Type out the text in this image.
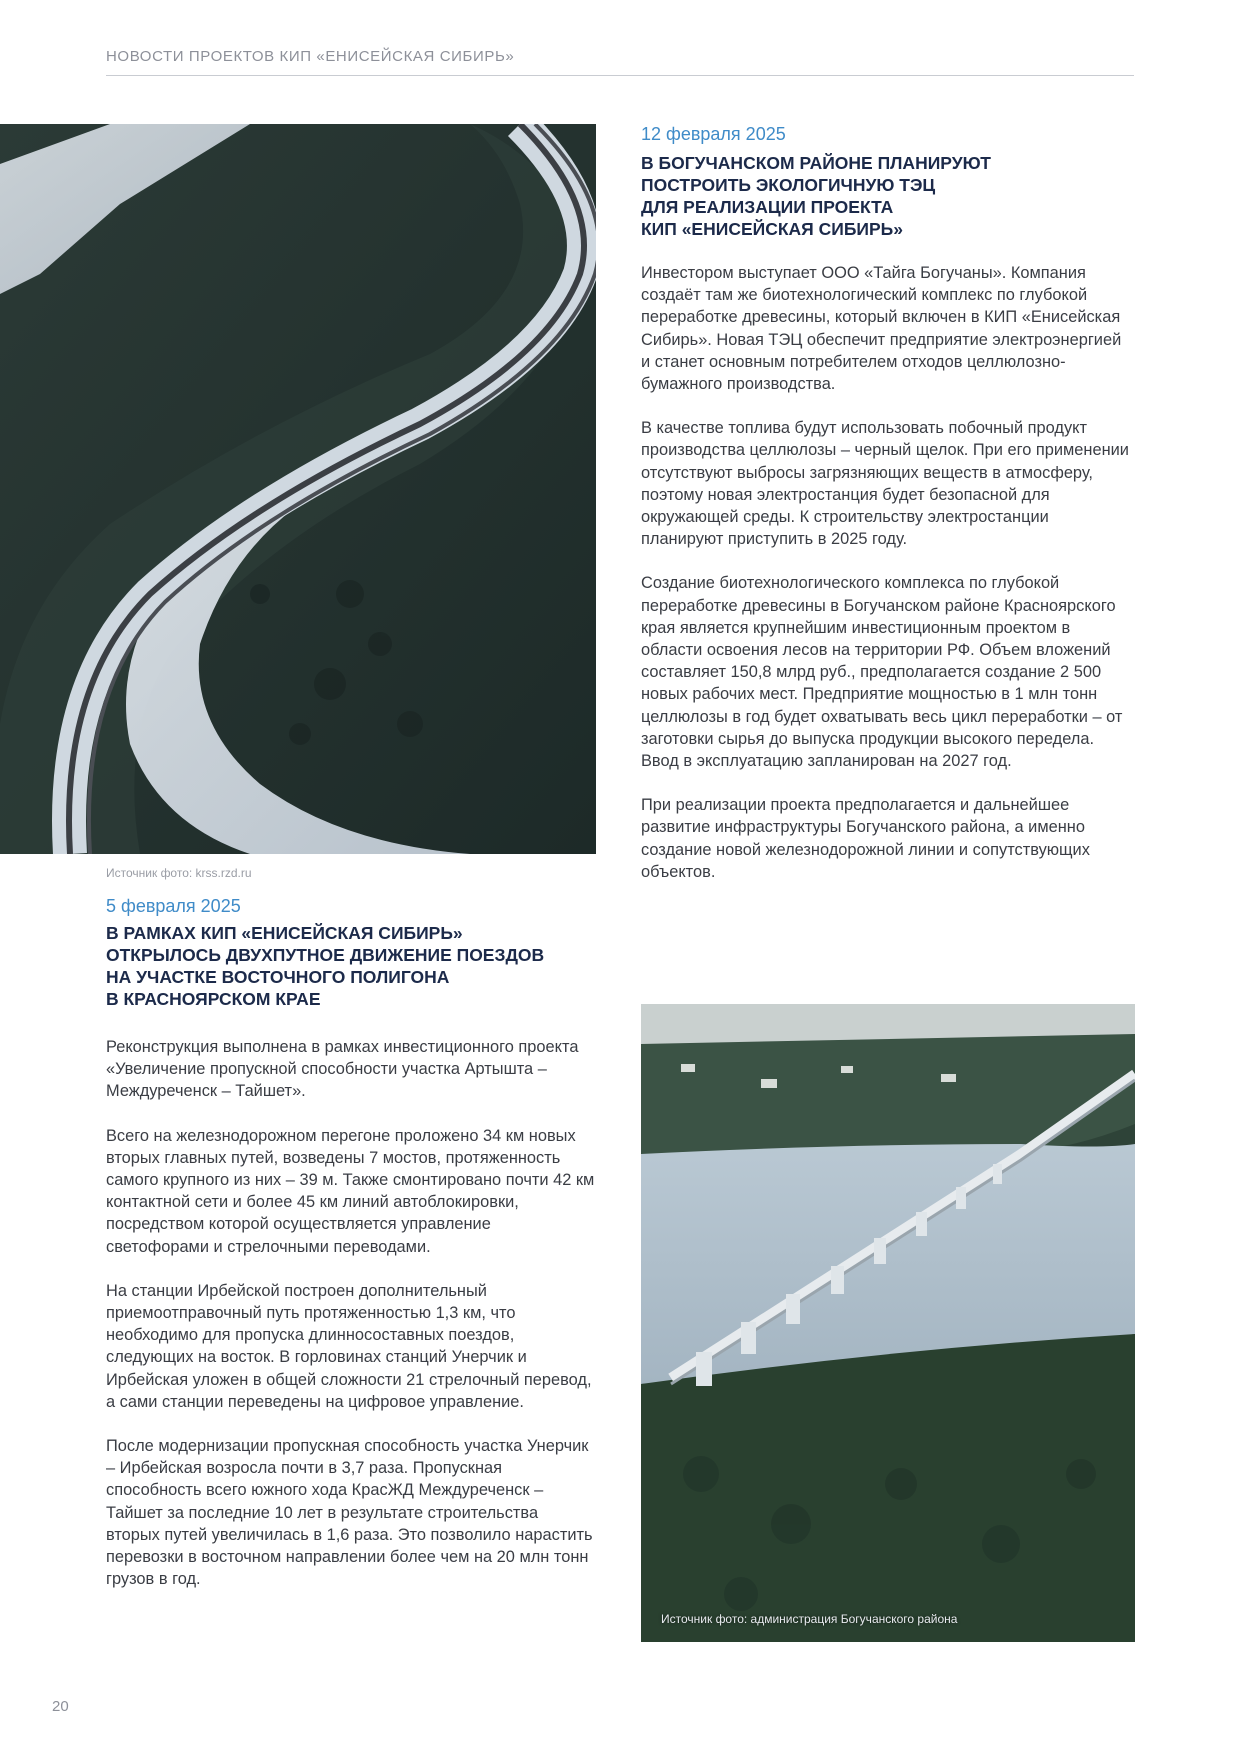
НОВОСТИ ПРОЕКТОВ КИП «ЕНИСЕЙСКАЯ СИБИРЬ»
Источник фото: krss.rzd.ru
5 февраля 2025
В РАМКАХ КИП «ЕНИСЕЙСКАЯ СИБИРЬ»
ОТКРЫЛОСЬ ДВУХПУТНОЕ ДВИЖЕНИЕ ПОЕЗДОВ
НА УЧАСТКЕ ВОСТОЧНОГО ПОЛИГОНА
В КРАСНОЯРСКОМ КРАЕ

Реконструкция выполнена в рамках инвестиционного проекта «Увеличение пропускной способности участка Артышта – Междуреченск – Тайшет».

Всего на железнодорожном перегоне проложено 34 км новых вторых главных путей, возведены 7 мостов, протяженность самого крупного из них – 39 м. Также смонтировано почти 42 км контактной сети и более 45 км линий автоблокировки, посредством которой осуществляется управление светофорами и стрелочными переводами.

На станции Ирбейской построен дополнительный приемоотправочный путь протяженностью 1,3 км, что необходимо для пропуска длинносоставных поездов, следующих на восток. В горловинах станций Унерчик и Ирбейская уложен в общей сложности 21 стрелочный перевод, а сами станции переведены на цифровое управление.

После модернизации пропускная способность участка Унерчик – Ирбейская возросла почти в 3,7 раза. Пропускная способность всего южного хода КрасЖД Междуреченск – Тайшет за последние 10 лет в результате строительства вторых путей увеличилась в 1,6 раза. Это позволило нарастить перевозки в восточном направлении более чем на 20 млн тонн грузов в год.

12 февраля 2025
В БОГУЧАНСКОМ РАЙОНЕ ПЛАНИРУЮТ
ПОСТРОИТЬ ЭКОЛОГИЧНУЮ ТЭЦ
ДЛЯ РЕАЛИЗАЦИИ ПРОЕКТА
КИП «ЕНИСЕЙСКАЯ СИБИРЬ»

Инвестором выступает ООО «Тайга Богучаны». Компания создаёт там же биотехнологический комплекс по глубокой переработке древесины, который включен в КИП «Енисейская Сибирь». Новая ТЭЦ обеспечит предприятие электроэнергией и станет основным потребителем отходов целлюлозно-бумажного производства.

В качестве топлива будут использовать побочный продукт производства целлюлозы – черный щелок. При его применении отсутствуют выбросы загрязняющих веществ в атмосферу, поэтому новая электростанция будет безопасной для окружающей среды. К строительству электростанции планируют приступить в 2025 году.

Создание биотехнологического комплекса по глубокой переработке древесины в Богучанском районе Красноярского края является крупнейшим инвестиционным проектом в области освоения лесов на территории РФ. Объем вложений составляет 150,8 млрд руб., предполагается создание 2 500 новых рабочих мест. Предприятие мощностью в 1 млн тонн целлюлозы в год будет охватывать весь цикл переработки – от заготовки сырья до выпуска продукции высокого передела. Ввод в эксплуатацию запланирован на 2027 год.

При реализации проекта предполагается и дальнейшее развитие инфраструктуры Богучанского района, а именно создание новой железнодорожной линии и сопутствующих объектов.

Источник фото: администрация Богучанского района
20
